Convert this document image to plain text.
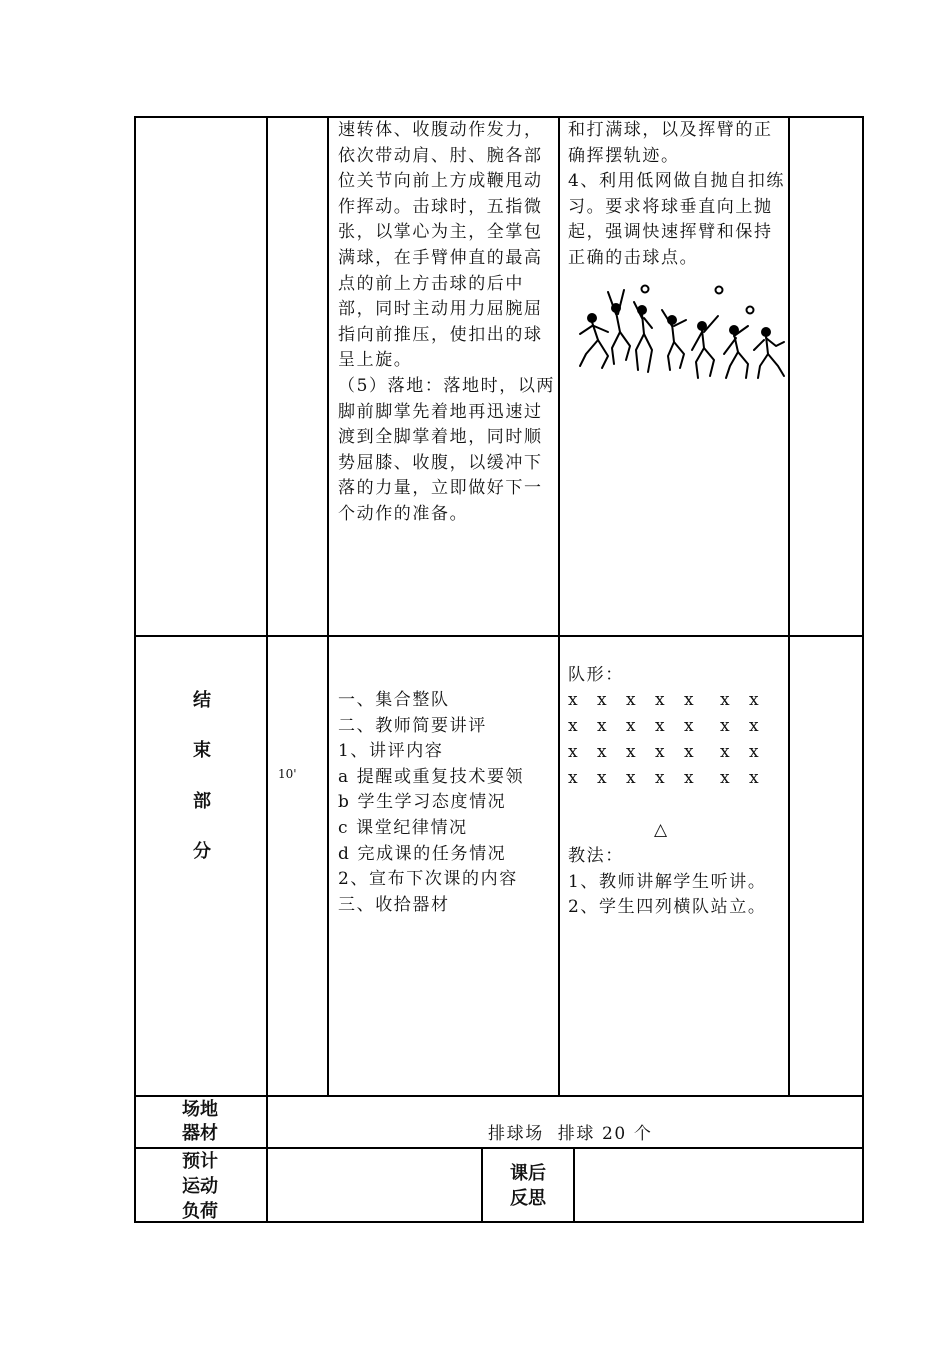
速转体、收腹动作发力，
依次带动肩、肘、腕各部
位关节向前上方成鞭甩动
作挥动。击球时，五指微
张，以掌心为主，全掌包
满球，在手臂伸直的最高
点的前上方击球的后中
部，同时主动用力屈腕屈
指向前推压，使扣出的球
呈上旋。
（5）落地：落地时，以两
脚前脚掌先着地再迅速过
渡到全脚掌着地，同时顺
势屈膝、收腹，以缓冲下
落的力量，立即做好下一
个动作的准备。
和打满球，以及挥臂的正
确挥摆轨迹。
4、利用低网做自抛自扣练
习。要求将球垂直向上抛
起，强调快速挥臂和保持
正确的击球点。
结
束
部
分
10'
一、集合整队
二、教师简要讲评
1、讲评内容
a 提醒或重复技术要领
b 学生学习态度情况
c 课堂纪律情况
d 完成课的任务情况
2、宣布下次课的内容
三、收拾器材
队形：
x x x x x x x
x x x x x x x
x x x x x x x
x x x x x x x
△
教法：
1、教师讲解学生听讲。
2、学生四列横队站立。
场地
器材	排球场  排球 20 个
预计
运动
负荷
课后
反思
